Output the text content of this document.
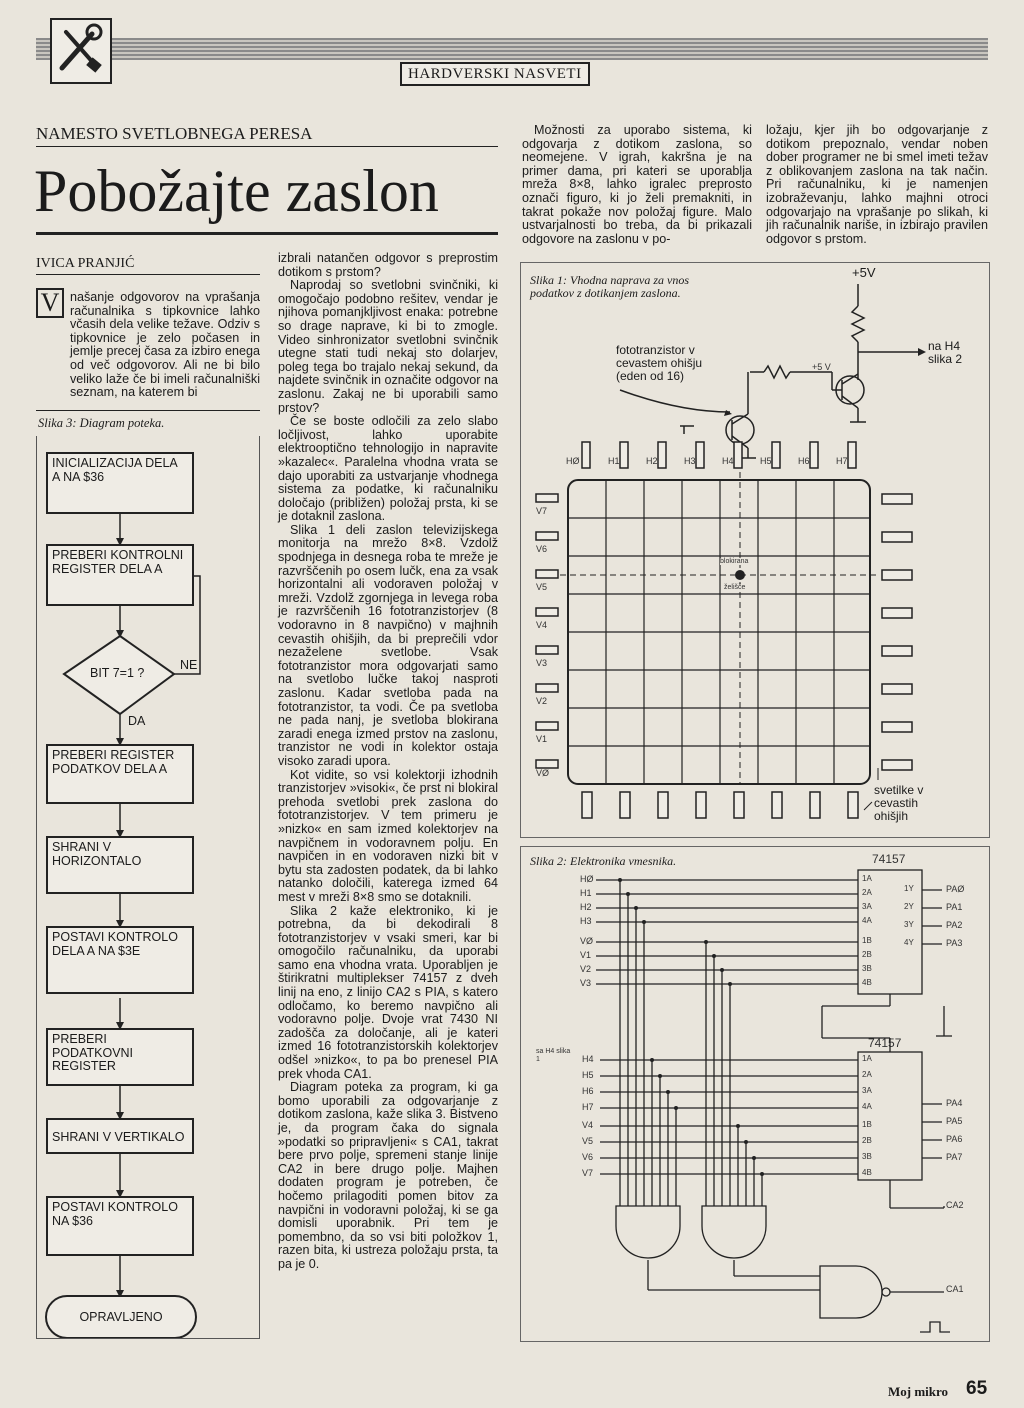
HARDVERSKI NASVETI
NAMESTO SVETLOBNEGA PERESA
Pobožajte zaslon
IVICA PRANJIĆ
V našanje odgovorov na vprašanja računalnika s tipkovnice lahko včasih dela velike težave. Odziv s tipkovnice je zelo počasen in jemlje precej časa za izbiro enega od več odgovorov. Ali ne bi bilo veliko laže če bi imeli računalniški seznam, na katerem bi

Slika 3: Diagram poteka.
INICIALIZACIJA DELA A NA $36
PREBERI KONTROLNI REGISTER DELA A
BIT 7=1 ?
NE
DA
PREBERI REGISTER PODATKOV DELA A
SHRANI V HORIZONTALO
POSTAVI KONTROLO DELA A NA $3E
PREBERI PODATKOVNI REGISTER
SHRANI V VERTIKALO
POSTAVI KONTROLO NA $36
OPRAVLJENO

izbrali natančen odgovor s preprostim dotikom s prstom?

Naprodaj so svetlobni svinčniki, ki omogočajo podobno rešitev, vendar je njihova pomanjkljivost enaka: potrebne so drage naprave, ki bi to zmogle. Video sinhronizator svetlobni svinčnik utegne stati tudi nekaj sto dolarjev, poleg tega bo trajalo nekaj sekund, da najdete svinčnik in označite odgovor na zaslonu. Zakaj ne bi uporabili samo prstov?

Če se boste odločili za zelo slabo ločljivost, lahko uporabite elektrooptično tehnologijo in napravite »kazalec«. Paralelna vhodna vrata se dajo uporabiti za ustvarjanje vhodnega sistema za podatke, ki računalniku določajo (približen) položaj prsta, ki se je dotaknil zaslona.

Slika 1 deli zaslon televizijskega monitorja na mrežo 8×8. Vzdolž spodnjega in desnega roba te mreže je razvrščenih po osem lučk, ena za vsak horizontalni ali vodoraven položaj v mreži. Vzdolž zgornjega in levega roba je razvrščenih 16 fototranzistorjev (8 vodoravno in 8 navpično) v majhnih cevastih ohišjih, da bi preprečili vdor nezaželene svetlobe. Vsak fototranzistor mora odgovarjati samo na svetlobo lučke takoj nasproti zaslonu. Kadar svetloba pada na fototranzistor, ta vodi. Če pa svetloba ne pada nanj, je svetloba blokirana zaradi enega izmed prstov na zaslonu, tranzistor ne vodi in kolektor ostaja visoko zaradi upora.

Kot vidite, so vsi kolektorji izhodnih tranzistorjev »visoki«, če prst ni blokiral prehoda svetlobi prek zaslona do fototranzistorjev. V tem primeru je »nizko« en sam izmed kolektorjev na navpičnem in vodoravnem polju. En navpičen in en vodoraven nizki bit v bytu sta zadosten podatek, da bi lahko natanko določili, katerega izmed 64 mest v mreži 8×8 smo se dotaknili.

Slika 2 kaže elektroniko, ki je potrebna, da bi dekodirali 8 fototranzistorjev v vsaki smeri, kar bi omogočilo računalniku, da uporabi samo ena vhodna vrata. Uporabljen je štirikratni multiplekser 74157 z dveh linij na eno, z linijo CA2 s PIA, s katero odločamo, ko beremo navpično ali vodoravno polje. Dvoje vrat 7430 NI zadošča za določanje, ali je kateri izmed 16 fototranzistorskih kolektorjev odšel »nizko«, to pa bo prenesel PIA prek vhoda CA1.

Diagram poteka za program, ki ga bomo uporabili za odgovarjanje z dotikom zaslona, kaže slika 3. Bistveno je, da program čaka do signala »podatki so pripravljeni« s CA1, takrat bere prvo polje, spremeni stanje linije CA2 in bere drugo polje. Majhen dodaten program je potreben, če hočemo prilagoditi pomen bitov za navpični in vodoravni položaj, ki se ga domisli uporabnik. Pri tem je pomembno, da so vsi biti položkov 1, razen bita, ki ustreza položaju prsta, ta pa je 0.

Možnosti za uporabo sistema, ki odgovarja z dotikom zaslona, so neomejene. V igrah, kakršna je na primer dama, pri kateri se uporablja mreža 8×8, lahko igralec preprosto označi figuro, ki jo želi premakniti, in takrat pokaže nov položaj figure. Malo ustvarjalnosti bo treba, da bi prikazali odgovore na zaslonu v po-

ložaju, kjer jih bo odgovarjanje z dotikom prepoznalo, vendar noben dober programer ne bi smel imeti težav z oblikovanjem zaslona na tak način. Pri računalniku, ki je namenjen izobraževanju, lahko majhni otroci odgovarjajo na vprašanje po slikah, ki jih računalnik nariše, in izbirajo pravilen odgovor s prstom.

Slika 1: Vhodna naprava za vnos podatkov z dotikanjem zaslona.
+5V
fototranzistor v cevastem ohišju (eden od 16)
na H4 slika 2
+5 V
HØ	H1	H2	H3	H4	H5	H6	H7
V7
V6
V5
V4
V3
V2
V1
VØ
blokirana
želišče
svetilke v cevastih ohišjih
Slika 2: Elektronika vmesnika.	74157
74157
HØ
H1
H2
H3
VØ
V1
V2
V3
1A
2A
3A
4A
1B
2B
3B
4B
1Y
2Y
3Y
4Y
PAØ
PA1
PA2
PA3
sa H4 slika 1	H4
H5
H6
H7
V4
V5
V6
V7
1A
2A
3A
4A
1B
2B
3B
4B
PA4
PA5
PA6
PA7
CA2
CA1
Moj mikro 65
